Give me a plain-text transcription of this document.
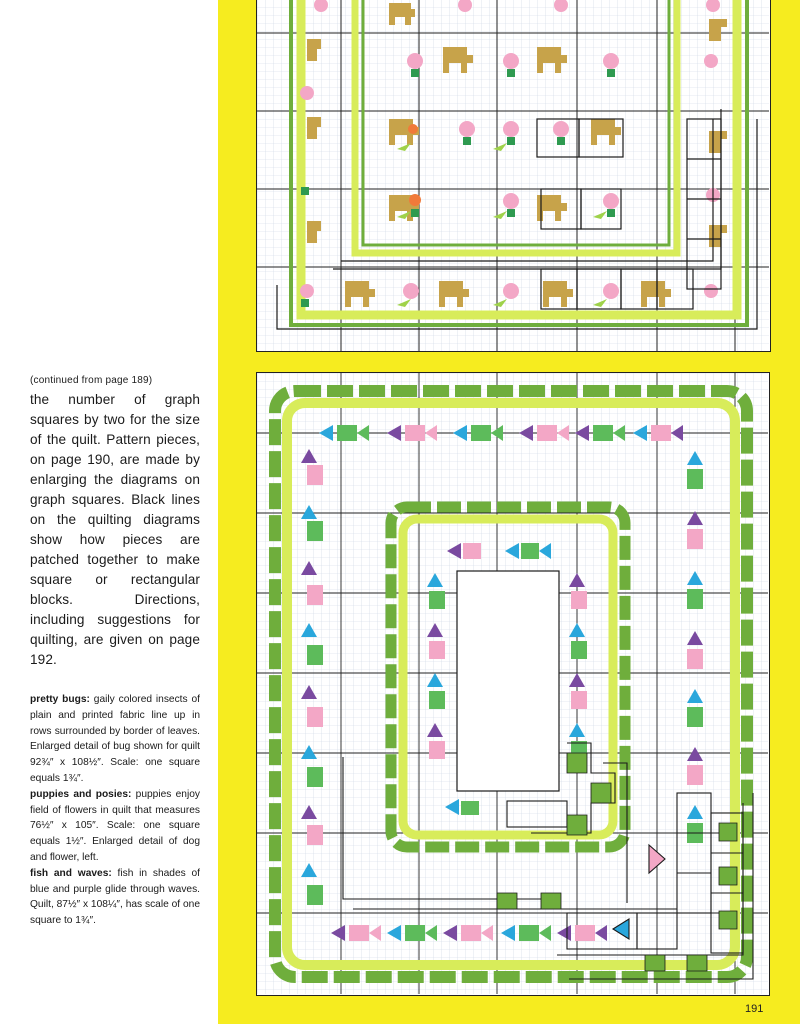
(continued from page 189)

the number of graph squares by two for the size of the quilt. Pattern pieces, on page 190, are made by enlarging the diagrams on graph squares. Black lines on the quilting diagrams show how pieces are patched together to make square or rectangular blocks. Directions, including suggestions for quilting, are given on page 192.

pretty bugs: gaily colored insects of plain and printed fabric line up in rows surrounded by border of leaves. Enlarged detail of bug shown for quilt 92¾″ x 108½″. Scale: one square equals 1¾″.

puppies and posies: puppies enjoy field of flowers in quilt that measures 76½″ x 105″. Scale: one square equals 1½″. Enlarged detail of dog and flower, left.

fish and waves: fish in shades of blue and purple glide through waves. Quilt, 87½″ x 108¼″, has scale of one square to 1¾″.

191
